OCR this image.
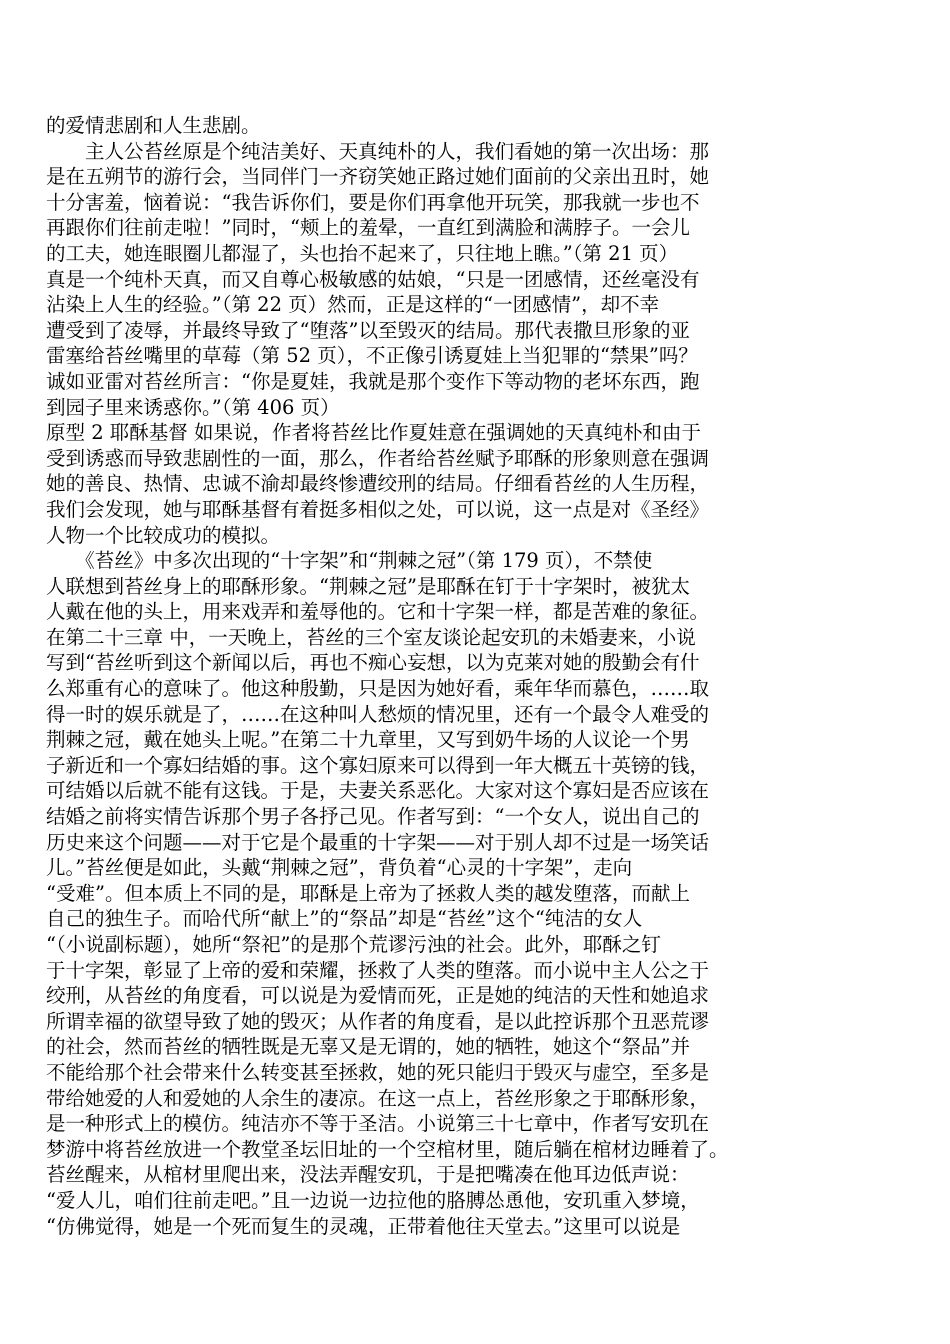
的爱情悲剧和人生悲剧。
　　主人公苔丝原是个纯洁美好、天真纯朴的人，我们看她的第一次出场：那
是在五朔节的游行会，当同伴门一齐窃笑她正路过她们面前的父亲出丑时，她
十分害羞，恼着说：“我告诉你们，要是你们再拿他开玩笑，那我就一步也不
再跟你们往前走啦！”同时，“颊上的羞晕，一直红到满脸和满脖子。一会儿
的工夫，她连眼圈儿都湿了，头也抬不起来了，只往地上瞧。”（第 21 页）
真是一个纯朴天真，而又自尊心极敏感的姑娘，“只是一团感情，还丝毫没有
沾染上人生的经验。”（第 22 页）然而，正是这样的“一团感情”，却不幸
遭受到了凌辱，并最终导致了“堕落”以至毁灭的结局。那代表撒旦形象的亚
雷塞给苔丝嘴里的草莓（第 52 页），不正像引诱夏娃上当犯罪的“禁果”吗？
诚如亚雷对苔丝所言：“你是夏娃，我就是那个变作下等动物的老坏东西，跑
到园子里来诱惑你。”（第 406 页）
原型 2 耶酥基督 如果说，作者将苔丝比作夏娃意在强调她的天真纯朴和由于
受到诱惑而导致悲剧性的一面，那么，作者给苔丝赋予耶酥的形象则意在强调
她的善良、热情、忠诚不渝却最终惨遭绞刑的结局。仔细看苔丝的人生历程，
我们会发现，她与耶酥基督有着挺多相似之处，可以说，这一点是对《圣经》
人物一个比较成功的模拟。
　　《苔丝》中多次出现的“十字架”和“荆棘之冠”（第 179 页），不禁使
人联想到苔丝身上的耶酥形象。“荆棘之冠”是耶酥在钉于十字架时，被犹太
人戴在他的头上，用来戏弄和羞辱他的。它和十字架一样，都是苦难的象征。
在第二十三章 中，一天晚上，苔丝的三个室友谈论起安玑的未婚妻来，小说
写到“苔丝听到这个新闻以后，再也不痴心妄想，以为克莱对她的殷勤会有什
么郑重有心的意味了。他这种殷勤，只是因为她好看，乘年华而慕色，……取
得一时的娱乐就是了，……在这种叫人愁烦的情况里，还有一个最令人难受的
荆棘之冠，戴在她头上呢。”在第二十九章里，又写到奶牛场的人议论一个男
子新近和一个寡妇结婚的事。这个寡妇原来可以得到一年大概五十英镑的钱，
可结婚以后就不能有这钱。于是，夫妻关系恶化。大家对这个寡妇是否应该在
结婚之前将实情告诉那个男子各抒己见。作者写到：“一个女人，说出自己的
历史来这个问题——对于它是个最重的十字架——对于别人却不过是一场笑话
儿。”苔丝便是如此，头戴“荆棘之冠”，背负着“心灵的十字架”，走向
“受难”。但本质上不同的是，耶酥是上帝为了拯救人类的越发堕落，而献上
自己的独生子。而哈代所“献上”的“祭品”却是“苔丝”这个“纯洁的女人
“（小说副标题），她所“祭祀”的是那个荒谬污浊的社会。此外，耶酥之钉
于十字架，彰显了上帝的爱和荣耀，拯救了人类的堕落。而小说中主人公之于
绞刑，从苔丝的角度看，可以说是为爱情而死，正是她的纯洁的天性和她追求
所谓幸福的欲望导致了她的毁灭；从作者的角度看，是以此控诉那个丑恶荒谬
的社会，然而苔丝的牺牲既是无辜又是无谓的，她的牺牲，她这个“祭品”并
不能给那个社会带来什么转变甚至拯救，她的死只能归于毁灭与虚空，至多是
带给她爱的人和爱她的人余生的凄凉。在这一点上，苔丝形象之于耶酥形象，
是一种形式上的模仿。纯洁亦不等于圣洁。小说第三十七章中，作者写安玑在
梦游中将苔丝放进一个教堂圣坛旧址的一个空棺材里，随后躺在棺材边睡着了。
苔丝醒来，从棺材里爬出来，没法弄醒安玑，于是把嘴凑在他耳边低声说：
“爱人儿，咱们往前走吧。”且一边说一边拉他的胳膊怂恿他，安玑重入梦境，
“仿佛觉得，她是一个死而复生的灵魂，正带着他往天堂去。”这里可以说是
